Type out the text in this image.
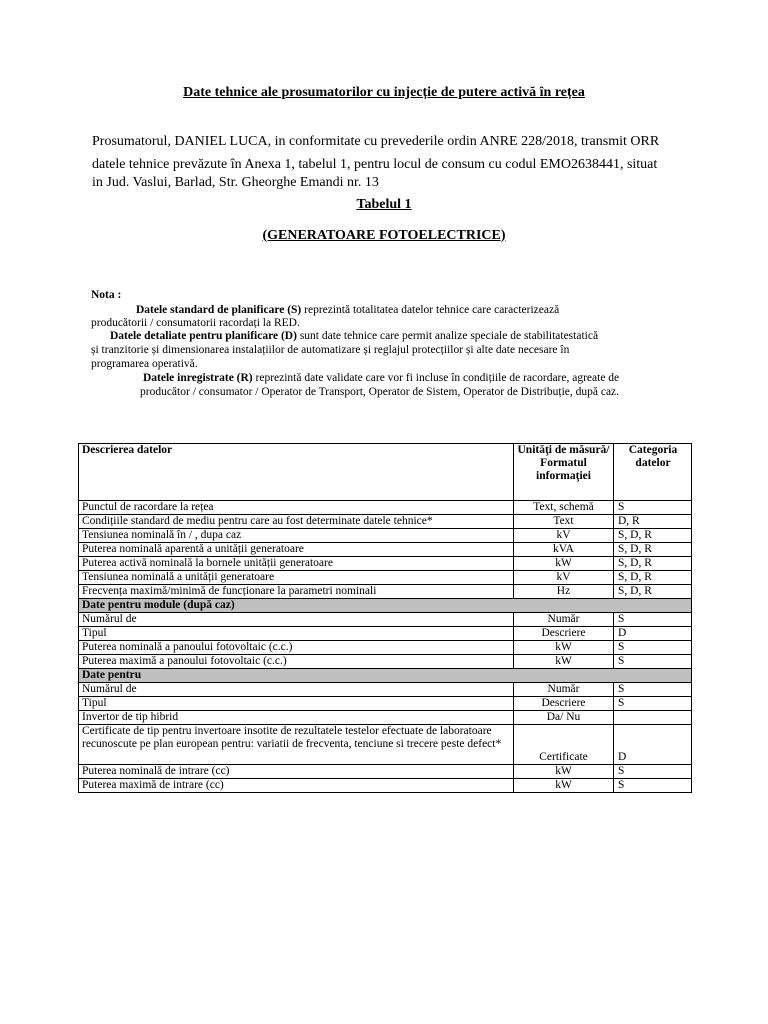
Date tehnice ale prosumatorilor cu injecție de putere activă în rețea
Prosumatorul, DANIEL LUCA, in conformitate cu prevederile ordin ANRE 228/2018, transmit ORR
datele tehnice prevăzute în Anexa 1, tabelul 1, pentru locul de consum cu codul EMO2638441, situat
in Jud. Vaslui, Barlad, Str. Gheorghe Emandi nr. 13
Tabelul 1
(GENERATOARE FOTOELECTRICE)
Nota :
Datele standard de planificare (S) reprezintă totalitatea datelor tehnice care caracterizează
producătorii / consumatorii racordați la RED.
Datele detaliate pentru planificare (D) sunt date tehnice care permit analize speciale de stabilitatestatică
și tranzitorie și dimensionarea instalațiilor de automatizare și reglajul protecțiilor și alte date necesare în
programarea operativă.
Datele inregistrate (R) reprezintă date validate care vor fi incluse în condițiile de racordare, agreate de
producător / consumator / Operator de Transport, Operator de Sistem, Operator de Distribuție, după caz.
Descrierea datelor	Unităţi de măsură/ Formatul informaţiei	Categoria datelor
Punctul de racordare la rețea	Text, schemă	S
Condițiile standard de mediu pentru care au fost determinate datele tehnice*	Text	D, R
Tensiunea nominală în / , dupa caz	kV	S, D, R
Puterea nominală aparentă a unității generatoare	kVA	S, D, R
Puterea activă nominală la bornele unității generatoare	kW	S, D, R
Tensiunea nominală a unității generatoare	kV	S, D, R
Frecvența maximă/minimă de funcționare la parametri nominali	Hz	S, D, R
Date pentru module (după caz)		
Numărul de	Număr	S
Tipul	Descriere	D
Puterea nominală a panoului fotovoltaic (c.c.)	kW	S
Puterea maximă a panoului fotovoltaic (c.c.)	kW	S
Date pentru		
Numărul de	Număr	S
Tipul	Descriere	S
Invertor de tip hibrid	Da/ Nu	
Certificate de tip pentru invertoare insotite de rezultatele testelor efectuate de laboratoare recunoscute pe plan european pentru: variatii de frecventa, tenciune si trecere peste defect*	Certificate	D
Puterea nominală de intrare (cc)	kW	S
Puterea maximă de intrare (cc)	kW	S
